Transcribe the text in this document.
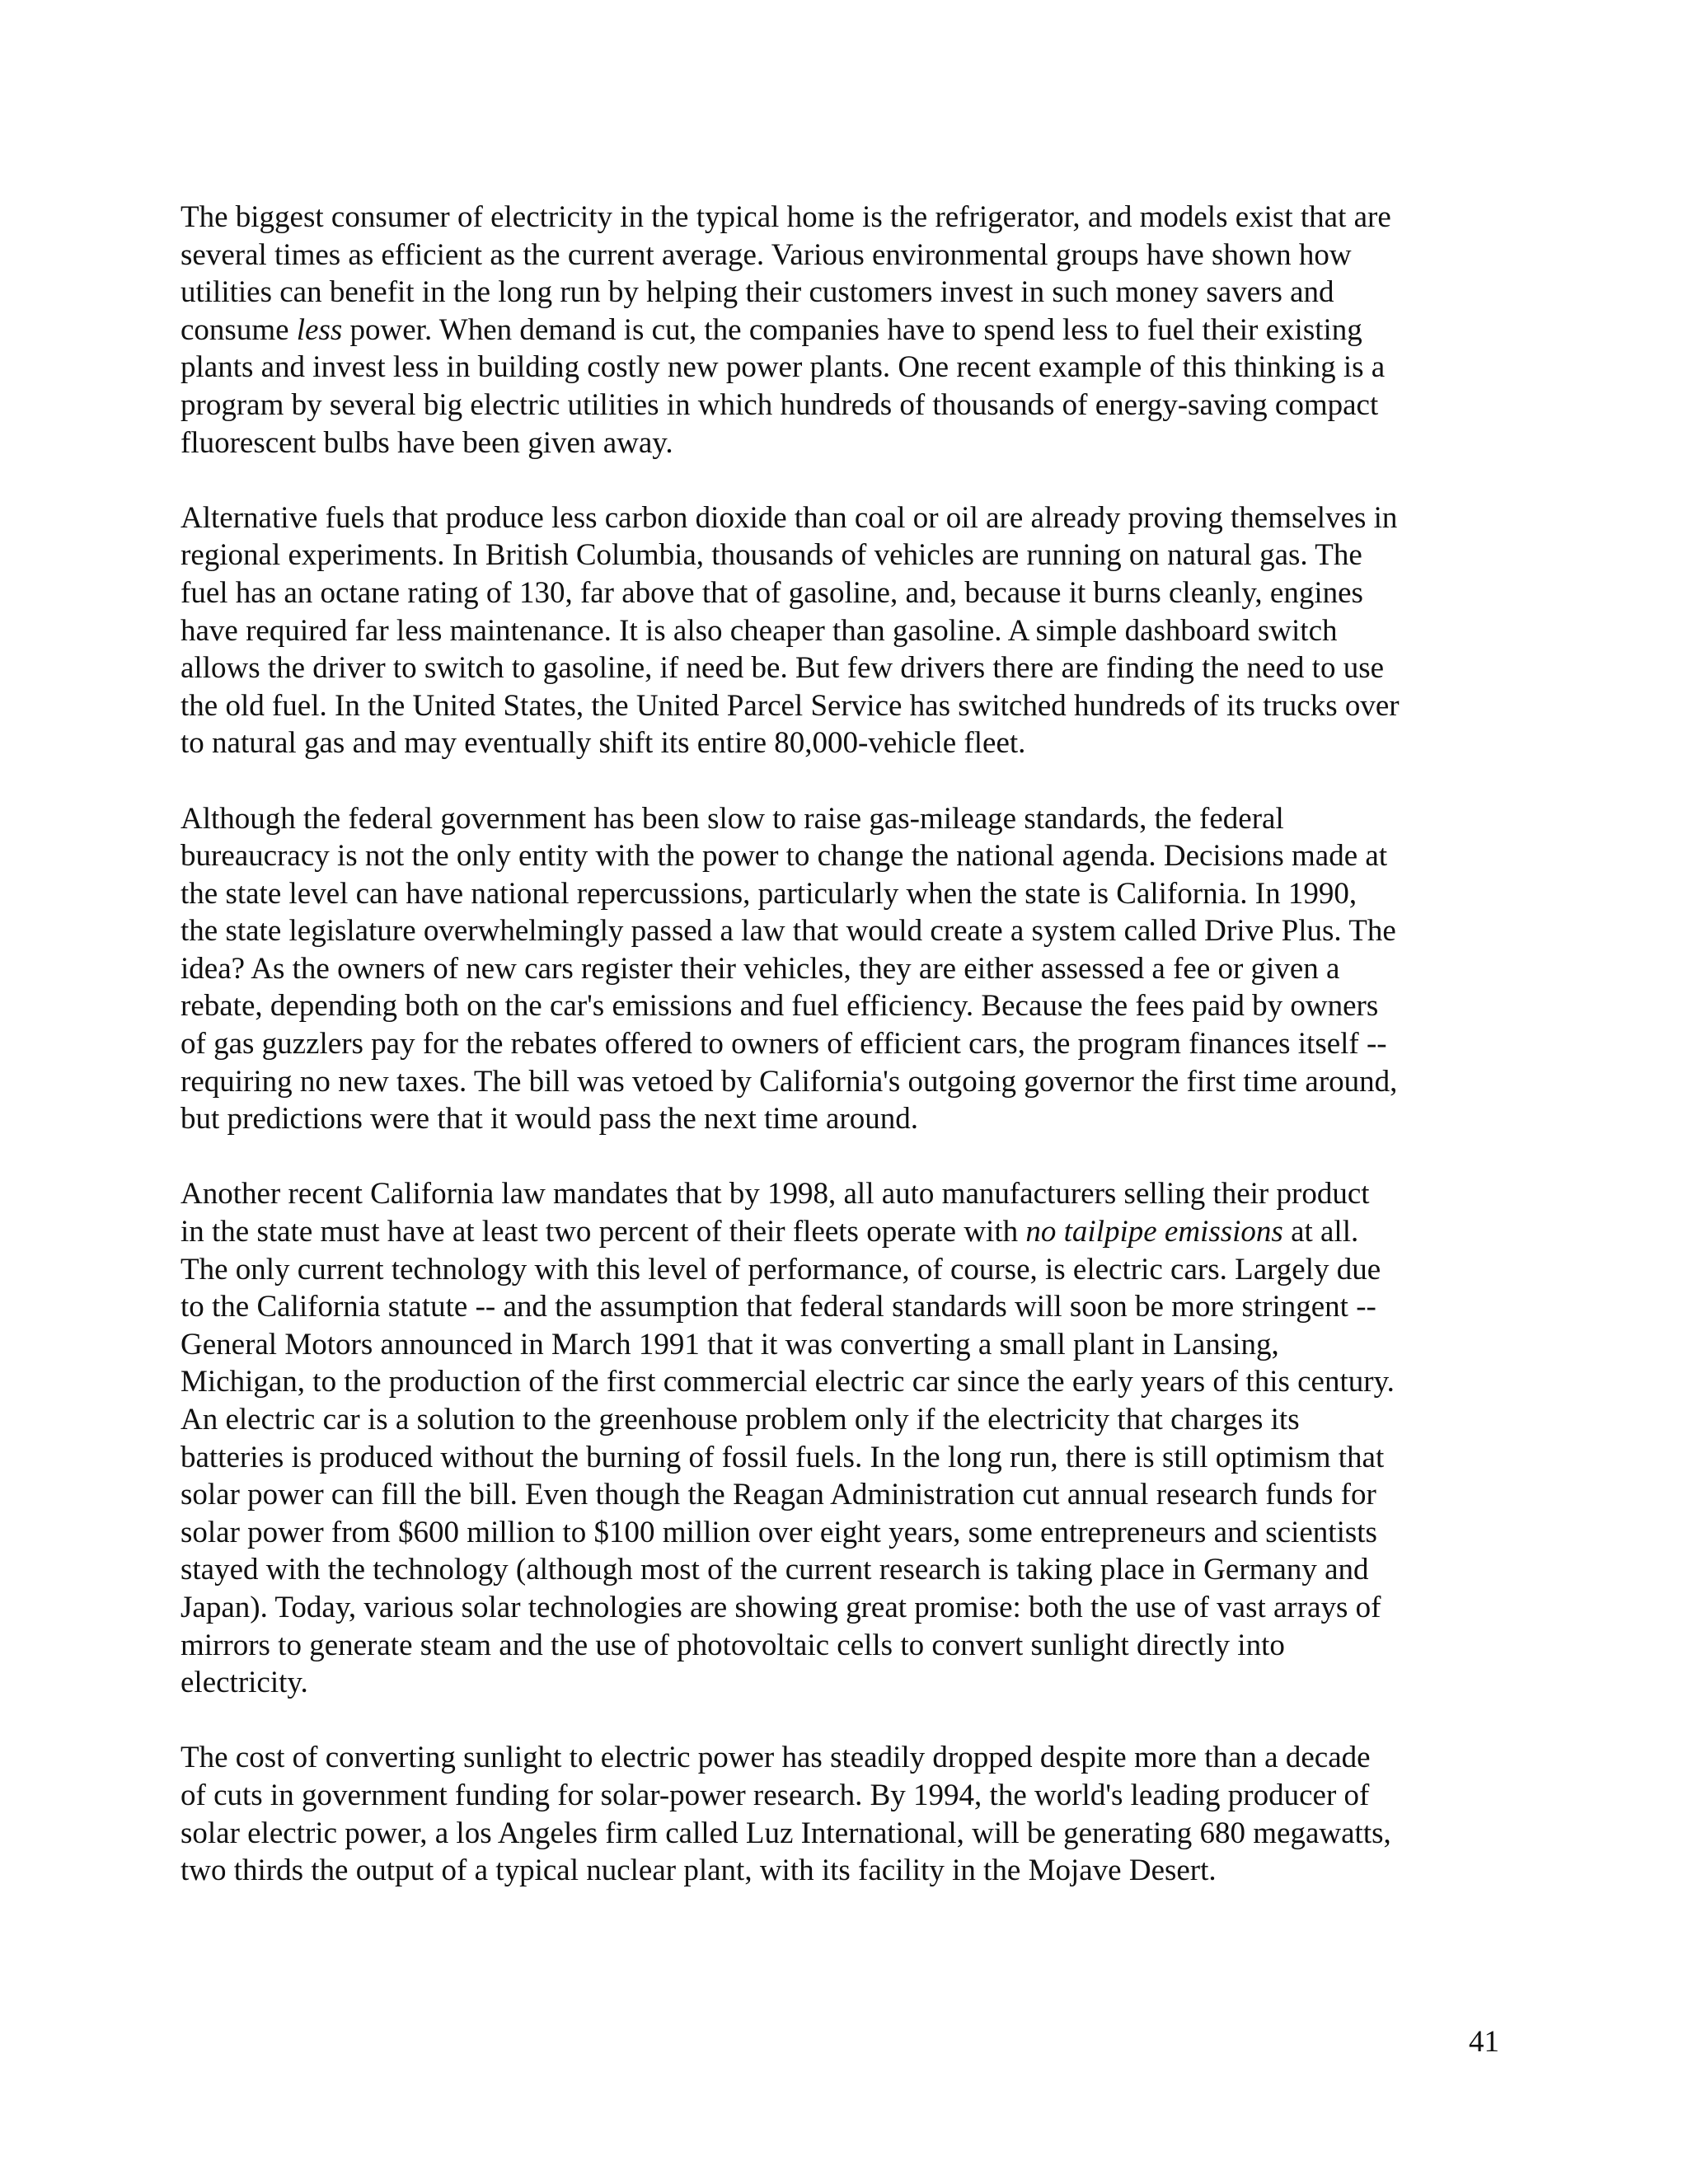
The biggest consumer of electricity in the typical home is the refrigerator, and models exist that are
several times as efficient as the current average. Various environmental groups have shown how
utilities can benefit in the long run by helping their customers invest in such money savers and
consume less power. When demand is cut, the companies have to spend less to fuel their existing
plants and invest less in building costly new power plants. One recent example of this thinking is a
program by several big electric utilities in which hundreds of thousands of energy-saving compact
fluorescent bulbs have been given away.

Alternative fuels that produce less carbon dioxide than coal or oil are already proving themselves in
regional experiments. In British Columbia, thousands of vehicles are running on natural gas. The
fuel has an octane rating of 130, far above that of gasoline, and, because it burns cleanly, engines
have required far less maintenance. It is also cheaper than gasoline. A simple dashboard switch
allows the driver to switch to gasoline, if need be. But few drivers there are finding the need to use
the old fuel. In the United States, the United Parcel Service has switched hundreds of its trucks over
to natural gas and may eventually shift its entire 80,000-vehicle fleet.

Although the federal government has been slow to raise gas-mileage standards, the federal
bureaucracy is not the only entity with the power to change the national agenda. Decisions made at
the state level can have national repercussions, particularly when the state is California. In 1990,
the state legislature overwhelmingly passed a law that would create a system called Drive Plus. The
idea? As the owners of new cars register their vehicles, they are either assessed a fee or given a
rebate, depending both on the car's emissions and fuel efficiency. Because the fees paid by owners
of gas guzzlers pay for the rebates offered to owners of efficient cars, the program finances itself --
requiring no new taxes. The bill was vetoed by California's outgoing governor the first time around,
but predictions were that it would pass the next time around.

Another recent California law mandates that by 1998, all auto manufacturers selling their product
in the state must have at least two percent of their fleets operate with no tailpipe emissions at all.
The only current technology with this level of performance, of course, is electric cars. Largely due
to the California statute -- and the assumption that federal standards will soon be more stringent --
General Motors announced in March 1991 that it was converting a small plant in Lansing,
Michigan, to the production of the first commercial electric car since the early years of this century.
An electric car is a solution to the greenhouse problem only if the electricity that charges its
batteries is produced without the burning of fossil fuels. In the long run, there is still optimism that
solar power can fill the bill. Even though the Reagan Administration cut annual research funds for
solar power from $600 million to $100 million over eight years, some entrepreneurs and scientists
stayed with the technology (although most of the current research is taking place in Germany and
Japan). Today, various solar technologies are showing great promise: both the use of vast arrays of
mirrors to generate steam and the use of photovoltaic cells to convert sunlight directly into
electricity.

The cost of converting sunlight to electric power has steadily dropped despite more than a decade
of cuts in government funding for solar-power research. By 1994, the world's leading producer of
solar electric power, a los Angeles firm called Luz International, will be generating 680 megawatts,
two thirds the output of a typical nuclear plant, with its facility in the Mojave Desert.

41
